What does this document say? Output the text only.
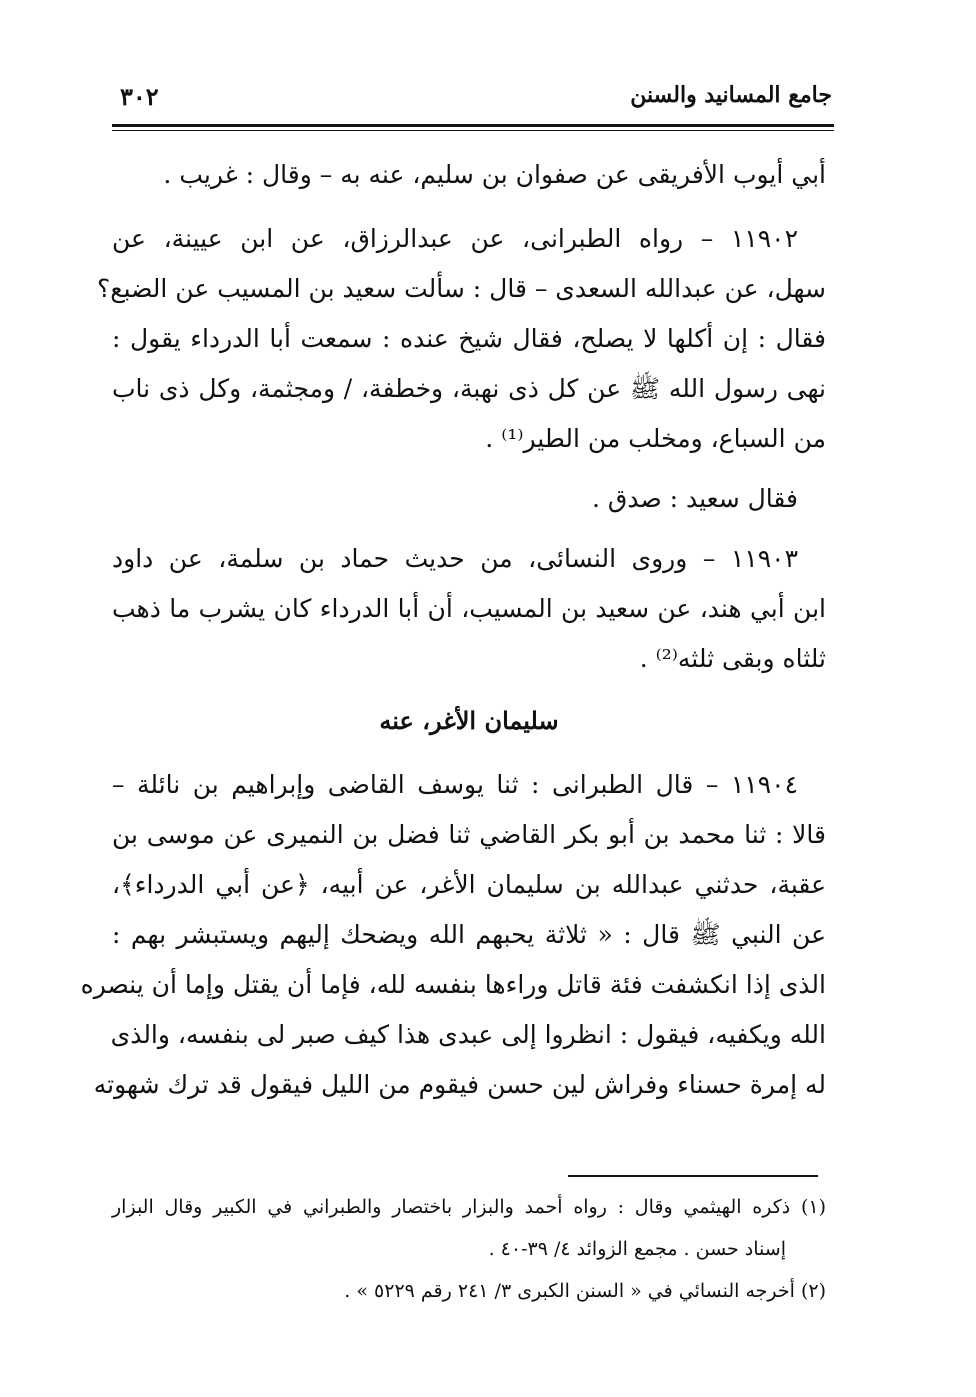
جامع المسانيد والسنن
٣٠٢
أبي أيوب الأفريقى عن صفوان بن سليم، عنه به – وقال : غريب .
١١٩٠٢ – رواه الطبرانى، عن عبدالرزاق، عن ابن عيينة، عن
سهل، عن عبدالله السعدى – قال : سألت سعيد بن المسيب عن الضبع؟
فقال : إن أكلها لا يصلح، فقال شيخ عنده : سمعت أبا الدرداء يقول :
نهى رسول الله ﷺ عن كل ذى نهبة، وخطفة، / ومجثمة، وكل ذى ناب
من السباع، ومخلب من الطير⁽¹⁾ .
فقال سعيد : صدق .
١١٩٠٣ – وروى النسائى، من حديث حماد بن سلمة، عن داود
ابن أبي هند، عن سعيد بن المسيب، أن أبا الدرداء كان يشرب ما ذهب
ثلثاه وبقى ثلثه⁽²⁾ .
سليمان الأغر، عنه
١١٩٠٤ – قال الطبرانى : ثنا يوسف القاضى وإبراهيم بن نائلة –
قالا : ثنا محمد بن أبو بكر القاضي ثنا فضل بن النميرى عن موسى بن
عقبة، حدثني عبدالله بن سليمان الأغر، عن أبيه، ﴿عن أبي الدرداء﴾،
عن النبي ﷺ قال : « ثلاثة يحبهم الله ويضحك إليهم ويستبشر بهم :
الذى إذا انكشفت فئة قاتل وراءها بنفسه لله، فإما أن يقتل وإما أن ينصره
الله ويكفيه، فيقول : انظروا إلى عبدى هذا كيف صبر لى بنفسه، والذى
له إمرة حسناء وفراش لين حسن فيقوم من الليل فيقول قد ترك شهوته
(١) ذكره الهيثمي وقال : رواه أحمد والبزار باختصار والطبراني في الكبير وقال البزار
إسناد حسن . مجمع الزوائد ٤/ ٣٩-٤٠ .
(٢) أخرجه النسائي في « السنن الكبرى ٣/ ٢٤١ رقم ٥٢٢٩ » .
